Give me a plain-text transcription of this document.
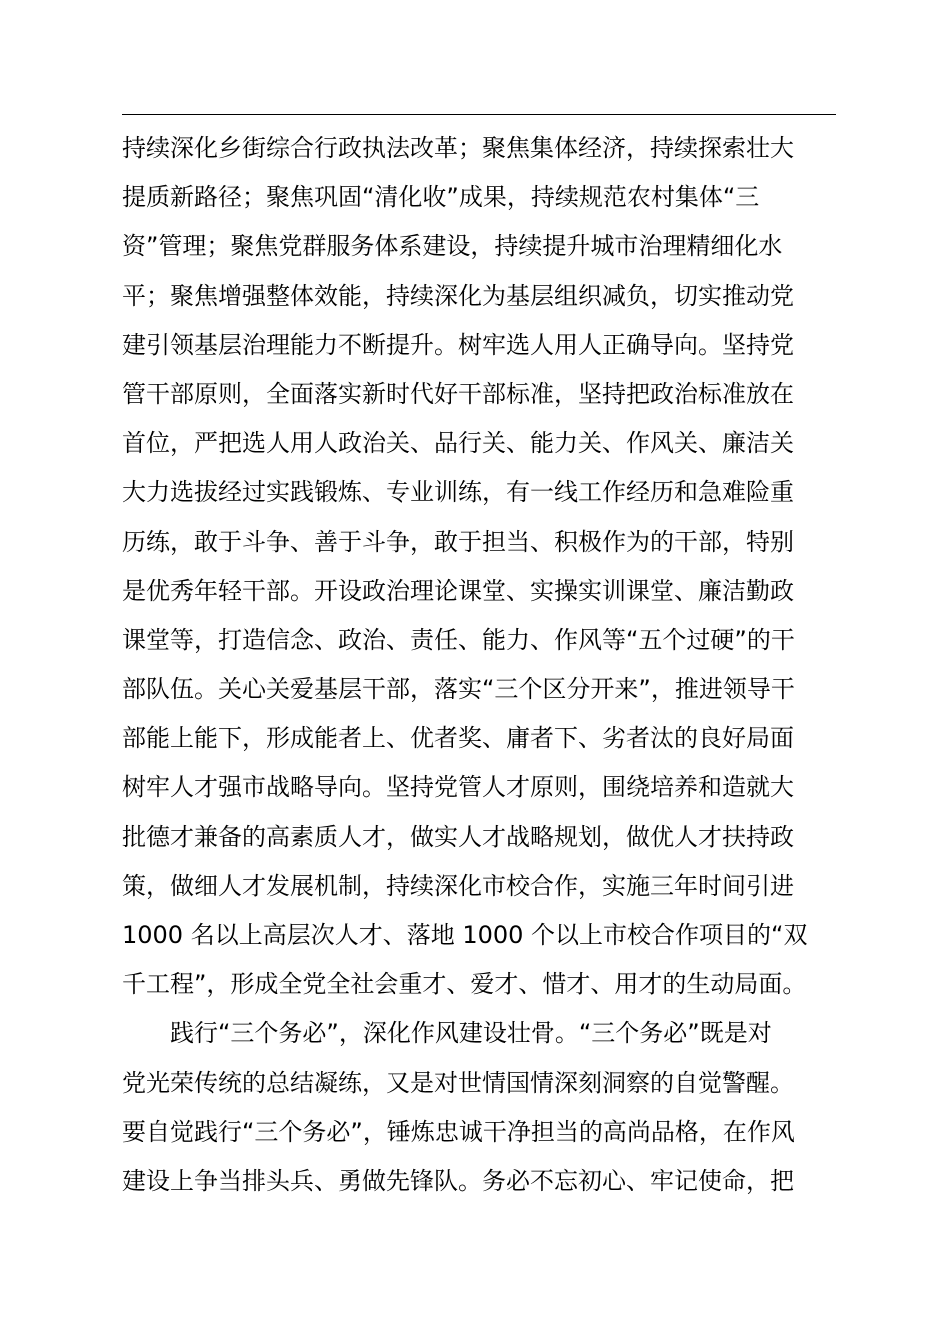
持续深化乡街综合行政执法改革；聚焦集体经济，持续探索壮大
提质新路径；聚焦巩固“清化收”成果，持续规范农村集体“三
资”管理；聚焦党群服务体系建设，持续提升城市治理精细化水
平；聚焦增强整体效能，持续深化为基层组织减负，切实推动党
建引领基层治理能力不断提升。树牢选人用人正确导向。坚持党
管干部原则，全面落实新时代好干部标准，坚持把政治标准放在
首位，严把选人用人政治关、品行关、能力关、作风关、廉洁关
大力选拔经过实践锻炼、专业训练，有一线工作经历和急难险重
历练，敢于斗争、善于斗争，敢于担当、积极作为的干部，特别
是优秀年轻干部。开设政治理论课堂、实操实训课堂、廉洁勤政
课堂等，打造信念、政治、责任、能力、作风等“五个过硬”的干
部队伍。关心关爱基层干部，落实“三个区分开来”，推进领导干
部能上能下，形成能者上、优者奖、庸者下、劣者汰的良好局面
树牢人才强市战略导向。坚持党管人才原则，围绕培养和造就大
批德才兼备的高素质人才，做实人才战略规划，做优人才扶持政
策，做细人才发展机制，持续深化市校合作，实施三年时间引进
1000 名以上高层次人才、落地 1000 个以上市校合作项目的“双
千工程”，形成全党全社会重才、爱才、惜才、用才的生动局面。
践行“三个务必”，深化作风建设壮骨。“三个务必”既是对
党光荣传统的总结凝练，又是对世情国情深刻洞察的自觉警醒。
要自觉践行“三个务必”，锤炼忠诚干净担当的高尚品格，在作风
建设上争当排头兵、勇做先锋队。务必不忘初心、牢记使命，把
